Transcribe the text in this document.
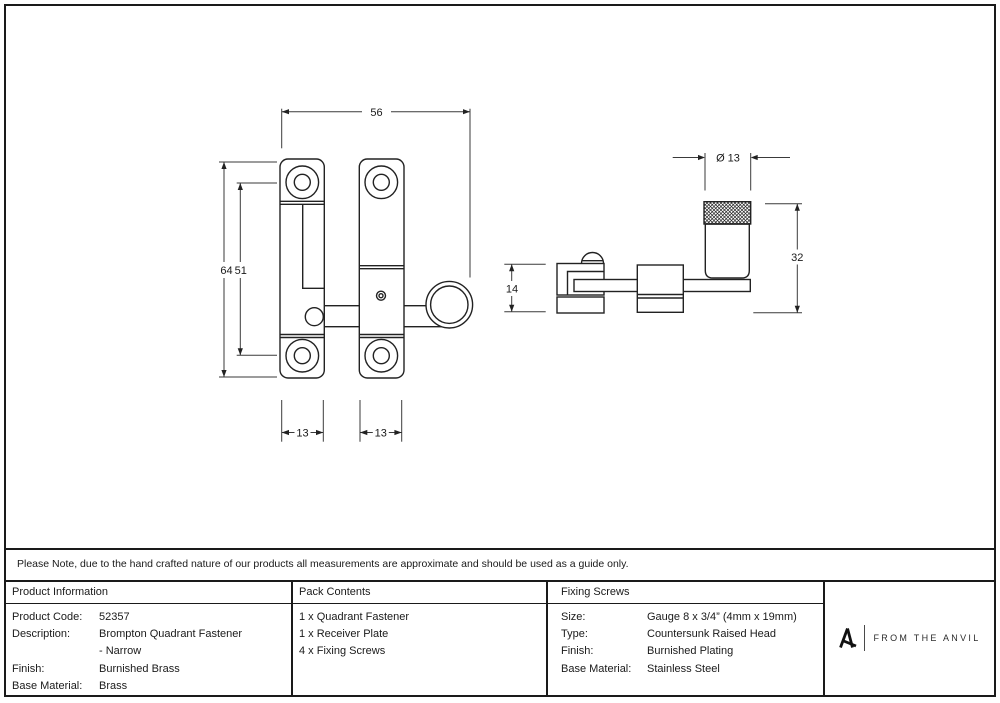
56
64 51
13	13
Ø 13
14
32
Please Note, due to the hand crafted nature of our products all measurements are approximate and should be used as a guide only.
Product Information
Product Code:	52357
Description:	Brompton Quadrant Fastener
- Narrow
Finish:	Burnished Brass
Base Material:	Brass
Pack Contents
1 x Quadrant Fastener
1 x Receiver Plate
4 x Fixing Screws
Fixing Screws
Size:	Gauge 8 x 3/4” (4mm x 19mm)
Type:	Countersunk Raised Head
Finish:	Burnished Plating
Base Material:	Stainless Steel
FROM THE ANVIL
